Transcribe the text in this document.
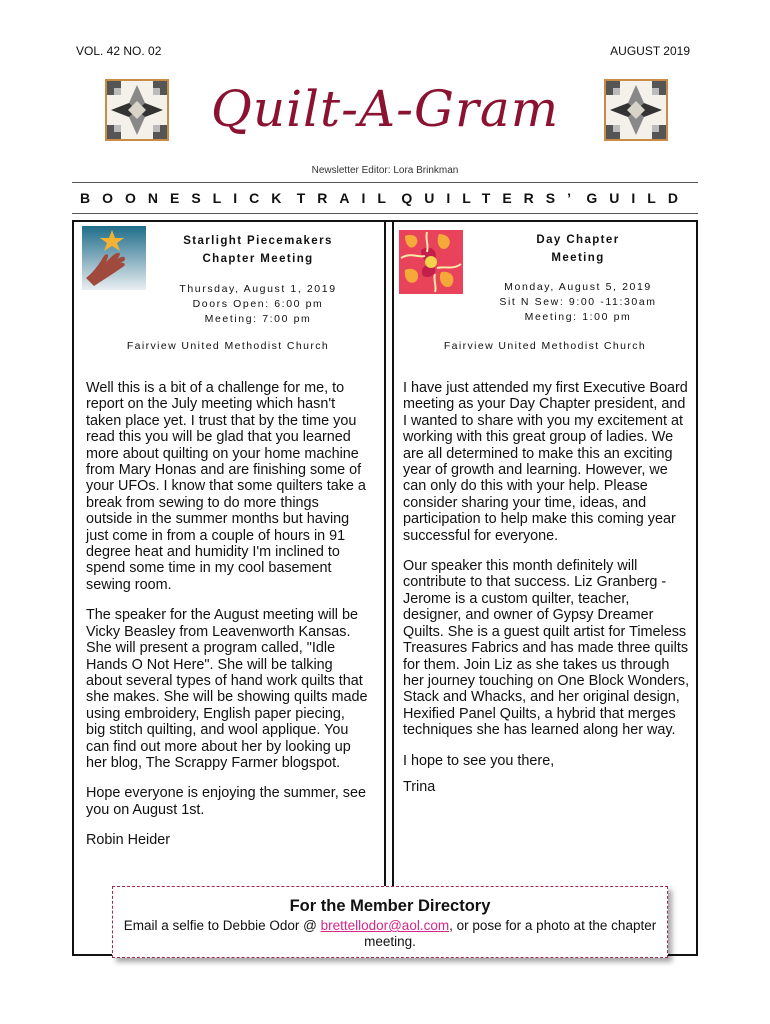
VOL. 42 NO. 02	AUGUST 2019
Quilt-A-Gram
Newsletter Editor: Lora Brinkman
BOONESLICK TRAIL QUILTERS’ GUILD
Starlight Piecemakers
Chapter Meeting
Thursday, August 1, 2019
Doors Open: 6:00 pm
Meeting: 7:00 pm
Fairview United Methodist Church

Well this is a bit of a challenge for me, to report on the July meeting which hasn't taken place yet. I trust that by the time you read this you will be glad that you learned more about quilting on your home machine from Mary Honas and are finishing some of your UFOs. I know that some quilters take a break from sewing to do more things outside in the summer months but having just come in from a couple of hours in 91 degree heat and humidity I'm inclined to spend some time in my cool basement sewing room.

The speaker for the August meeting will be Vicky Beasley from Leavenworth Kansas. She will present a program called, "Idle Hands O Not Here". She will be talking about several types of hand work quilts that she makes. She will be showing quilts made using embroidery, English paper piecing, big stitch quilting, and wool applique. You can find out more about her by looking up her blog, The Scrappy Farmer blogspot.

Hope everyone is enjoying the summer, see you on August 1st.

Robin Heider

Day Chapter
Meeting
Monday, August 5, 2019
Sit N Sew: 9:00 -11:30am
Meeting: 1:00 pm
Fairview United Methodist Church

I have just attended my first Executive Board meeting as your Day Chapter president, and I wanted to share with you my excitement at working with this great group of ladies. We are all determined to make this an exciting year of growth and learning. However, we can only do this with your help. Please consider sharing your time, ideas, and participation to help make this coming year successful for everyone.

Our speaker this month definitely will contribute to that success. Liz Granberg -Jerome is a custom quilter, teacher, designer, and owner of Gypsy Dreamer Quilts. She is a guest quilt artist for Timeless Treasures Fabrics and has made three quilts for them. Join Liz as she takes us through her journey touching on One Block Wonders, Stack and Whacks, and her original design, Hexified Panel Quilts, a hybrid that merges techniques she has learned along her way.

I hope to see you there,

Trina

For the Member Directory
Email a selfie to Debbie Odor @ brettellodor@aol.com, or pose for a photo at the chapter meeting.
